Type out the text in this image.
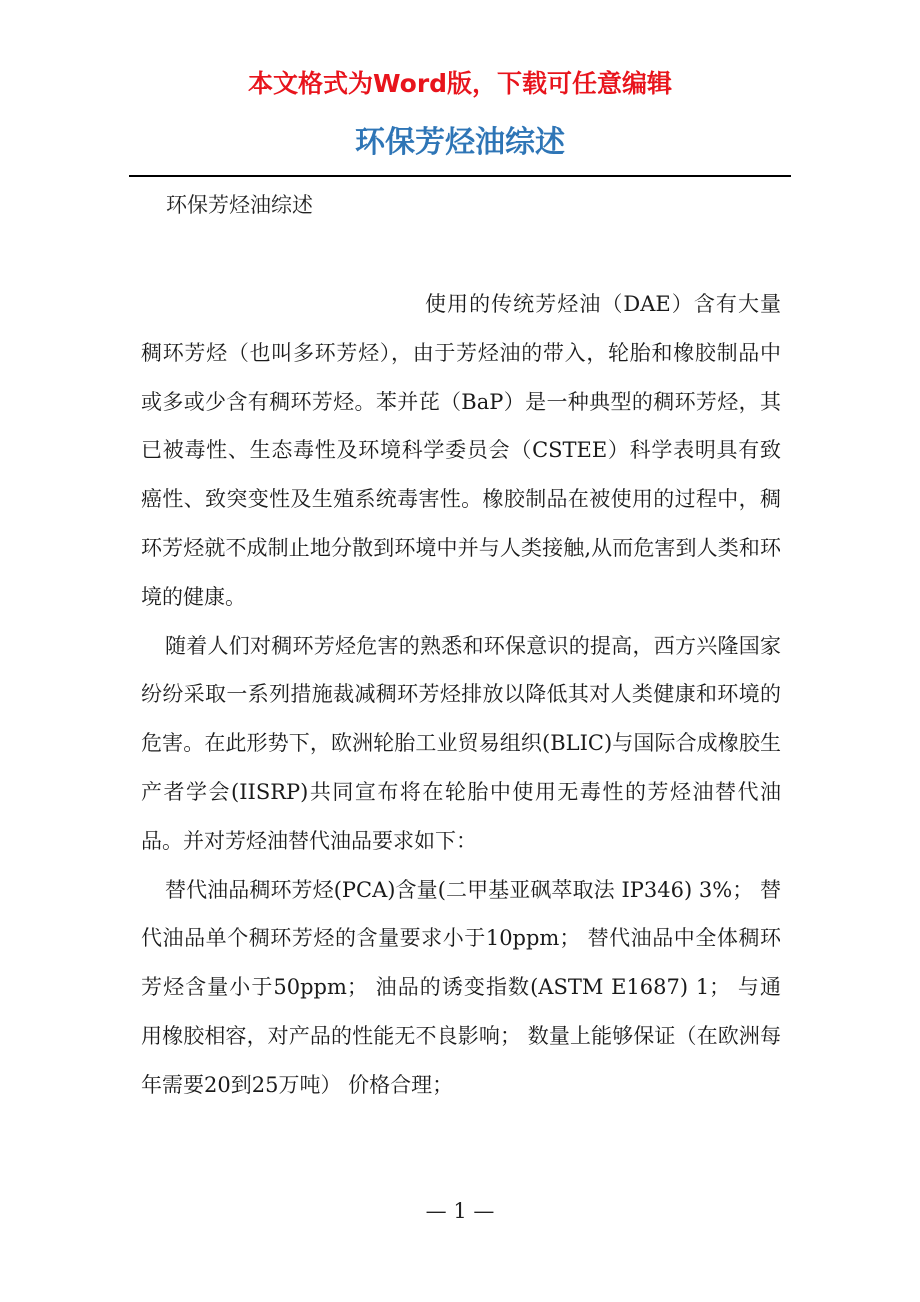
本文格式为Word版，下载可任意编辑
环保芳烃油综述
环保芳烃油综述

使用的传统芳烃油（DAE）含有大量稠环芳烃（也叫多环芳烃），由于芳烃油的带入，轮胎和橡胶制品中或多或少含有稠环芳烃。苯并芘（BaP）是一种典型的稠环芳烃，其已被毒性、生态毒性及环境科学委员会（CSTEE）科学表明具有致癌性、致突变性及生殖系统毒害性。橡胶制品在被使用的过程中，稠环芳烃就不成制止地分散到环境中并与人类接触,从而危害到人类和环境的健康。

随着人们对稠环芳烃危害的熟悉和环保意识的提高，西方兴隆国家纷纷采取一系列措施裁减稠环芳烃排放以降低其对人类健康和环境的危害。在此形势下，欧洲轮胎工业贸易组织(BLIC)与国际合成橡胶生产者学会(IISRP)共同宣布将在轮胎中使用无毒性的芳烃油替代油品。并对芳烃油替代油品要求如下：

替代油品稠环芳烃(PCA)含量(二甲基亚砜萃取法 IP346) 3%； 替代油品单个稠环芳烃的含量要求小于10ppm； 替代油品中全体稠环芳烃含量小于50ppm； 油品的诱变指数(ASTM E1687) 1； 与通用橡胶相容，对产品的性能无不良影响； 数量上能够保证（在欧洲每年需要20到25万吨） 价格合理；

— 1 —
